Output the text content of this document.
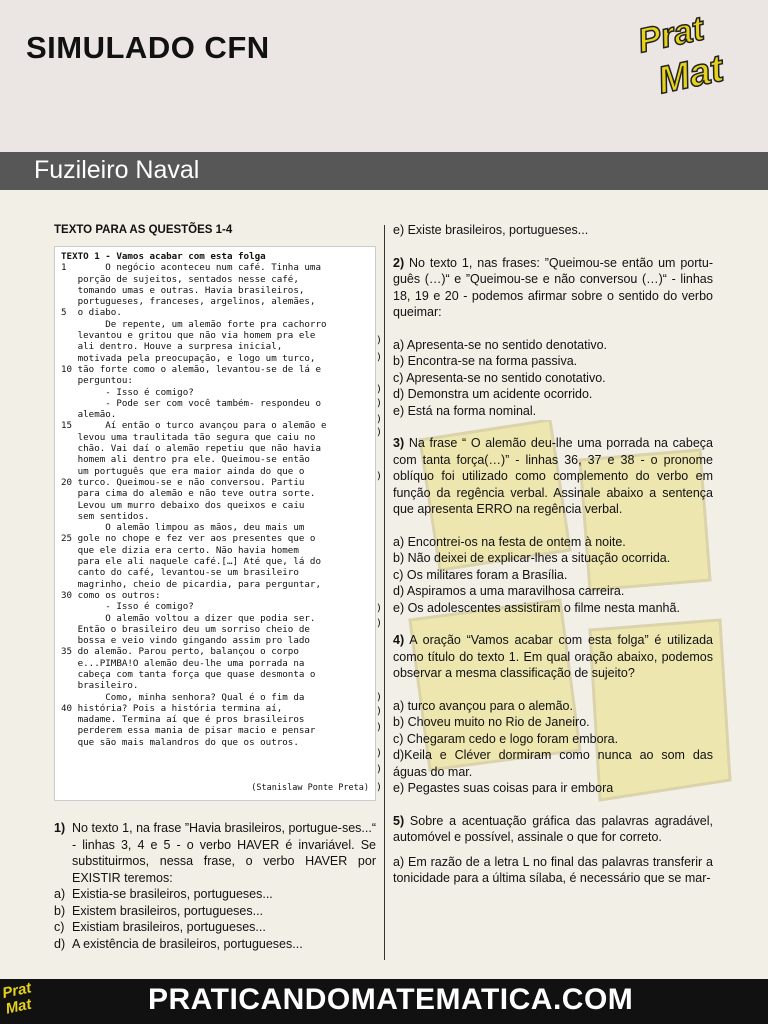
SIMULADO CFN	Prat
Mat
Fuzileiro Naval
TEXTO PARA AS QUESTÕES 1-4
TEXTO 1 - Vamos acabar com esta folga
1       O negócio aconteceu num café. Tinha uma
porção de sujeitos, sentados nesse café,
tomando umas e outras. Havia brasileiros,
portugueses, franceses, argelinos, alemães,
5  o diabo.
De repente, um alemão forte pra cachorro
levantou e gritou que não via homem pra ele
ali dentro. Houve a surpresa inicial,
motivada pela preocupação, e logo um turco,
10 tão forte como o alemão, levantou-se de lá e
perguntou:
- Isso é comigo?
- Pode ser com você também- respondeu o
alemão.
15      Aí então o turco avançou para o alemão e
levou uma traulitada tão segura que caiu no
chão. Vai daí o alemão repetiu que não havia
homem ali dentro pra ele. Queimou-se então
um português que era maior ainda do que o
20 turco. Queimou-se e não conversou. Partiu
para cima do alemão e não teve outra sorte.
Levou um murro debaixo dos queixos e caiu
sem sentidos.
O alemão limpou as mãos, deu mais um
25 gole no chope e fez ver aos presentes que o
que ele dizia era certo. Não havia homem
para ele ali naquele café.[…] Até que, lá do
canto do café, levantou-se um brasileiro
magrinho, cheio de picardia, para perguntar,
30 como os outros:
- Isso é comigo?
O alemão voltou a dizer que podia ser.
Então o brasileiro deu um sorriso cheio de
bossa e veio vindo gingando assim pro lado
35 do alemão. Parou perto, balançou o corpo
e...PIMBA!O alemão deu-lhe uma porrada na
cabeça com tanta força que quase desmonta o
brasileiro.
Como, minha senhora? Qual é o fim da
40 história? Pois a história termina aí,
madame. Termina aí que é pros brasileiros
perderem essa mania de pisar macio e pensar
que são mais malandros do que os outros.
(Stanislaw Ponte Preta)
)
)
)
)
)
)
)
)
)
)
)
)
)
)
)
1) No texto 1, na frase ”Havia brasileiros, portugue-ses...“ - linhas 3, 4 e 5 - o verbo HAVER é invariável. Se substituirmos, nessa frase, o verbo HAVER por EXISTIR teremos:
a) Existia-se brasileiros, portugueses...
b) Existem brasileiros, portugueses...
c) Existiam brasileiros, portugueses...
d) A existência de brasileiros, portugueses...

e) Existe brasileiros, portugueses...

2) No texto 1, nas frases: ”Queimou-se então um portu-guês (…)“ e ”Queimou-se e não conversou (…)“ - linhas 18, 19 e 20 - podemos afirmar sobre o sentido do verbo queimar:

a) Apresenta-se no sentido denotativo.

b) Encontra-se na forma passiva.

c) Apresenta-se no sentido conotativo.

d) Demonstra um acidente ocorrido.

e) Está na forma nominal.

3) Na frase “ O alemão deu-lhe uma porrada na cabeça com tanta força(…)” - linhas 36, 37 e 38 - o pronome oblíquo foi utilizado como complemento do verbo em função da regência verbal. Assinale abaixo a sentença que apresenta ERRO na regência verbal.

a) Encontrei-os na festa de ontem à noite.

b) Não deixei de explicar-lhes a situação ocorrida.

c) Os militares foram a Brasília.

d) Aspiramos a uma maravilhosa carreira.

e) Os adolescentes assistiram o filme nesta manhã.

4) A oração “Vamos acabar com esta folga” é utilizada como título do texto 1. Em qual oração abaixo, podemos observar a mesma classificação de sujeito?

a) turco avançou para o alemão.

b) Choveu muito no Rio de Janeiro.

c) Chegaram cedo e logo foram embora.

d)Keila e Cléver dormiram como nunca ao som das águas do mar.

e) Pegastes suas coisas para ir embora

5) Sobre a acentuação gráfica das palavras agradável, automóvel e possível, assinale o que for correto.

a) Em razão de a letra L no final das palavras transferir a tonicidade para a última sílaba, é necessário que se mar-

Prat
Mat	PRATICANDOMATEMATICA.COM
